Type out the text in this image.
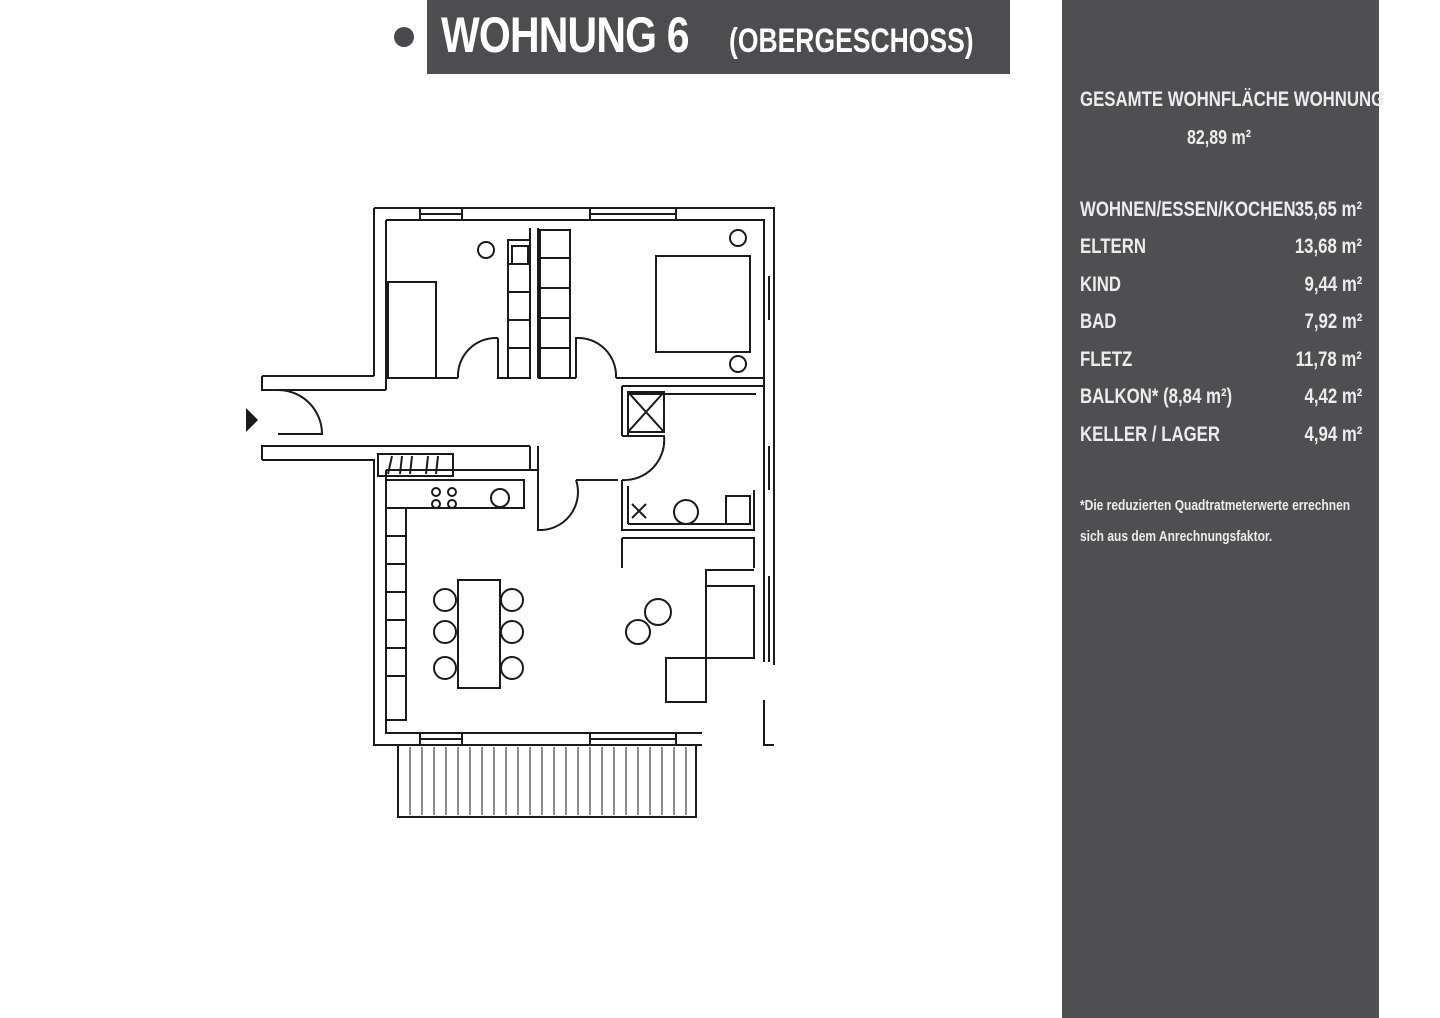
WOHNUNG 6 (OBERGESCHOSS)
GESAMTE WOHNFLÄCHE WOHNUNG
82,89 m²
WOHNEN/ESSEN/KOCHEN 35,65 m²
ELTERN	13,68 m²
KIND	9,44 m²
BAD	7,92 m²
FLETZ	11,78 m²
BALKON* (8,84 m²)	4,42 m²
KELLER / LAGER	4,94 m²
*Die reduzierten Quadtratmeterwerte errechnen
sich aus dem Anrechnungsfaktor.
